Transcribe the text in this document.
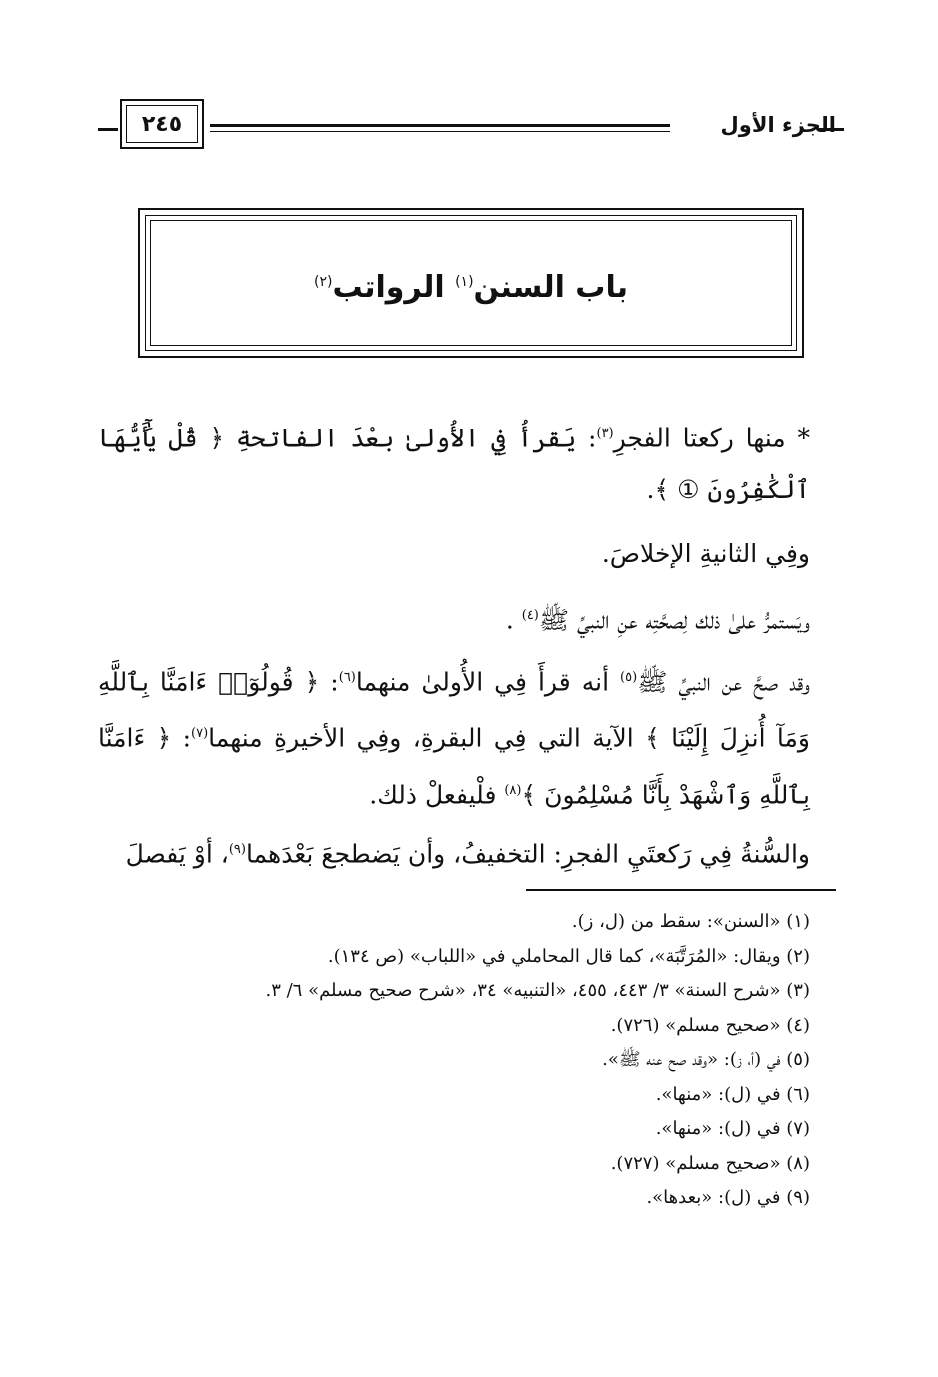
الجزء الأول
٢٤٥
باب السنن$^{(١)}$ الرواتب$^{(٢)}$
* منها ركعتا الفجرِ$^{(٣)}$: يَقرأُ فِي الأُولىٰ بعْدَ الفاتحةِ ﴿ قُلْ يَٰٓأَيُّهَا ٱلْكَٰفِرُونَ ① ﴾.
وفِي الثانيةِ الإخلاصَ.
ويَستمرُّ علىٰ ذلك لِصحَّتِه عنِ النبيِّ ﷺ$^{(٤)}$ .
وقد صحَّ عن النبيِّ ﷺ$^{(٥)}$ أنه قرأَ فِي الأُولىٰ منهما$^{(٦)}$: ﴿ قُولُوٓا۟ ءَامَنَّا بِٱللَّهِ وَمَآ أُنزِلَ إِلَيْنَا ﴾ الآية التي فِي البقرةِ، وفِي الأخيرةِ منهما$^{(٧)}$: ﴿ ءَامَنَّا بِٱللَّهِ وَٱشْهَدْ بِأَنَّا مُسْلِمُونَ ﴾$^{(٨)}$ فلْيفعلْ ذلك.
والسُّنةُ فِي رَكعتَيِ الفجرِ: التخفيفُ، وأن يَضطجعَ بَعْدَهما$^{(٩)}$، أوْ يَفصلَ
(١) «السنن»: سقط من (ل، ز).
(٢) ويقال: «المُرَتَّبَة»، كما قال المحاملي في «اللباب» (ص ١٣٤).
(٣) «شرح السنة» ٣/ ٤٤٣، ٤٥٥، «التنبيه» ٣٤، «شرح صحيح مسلم» ٦/ ٣.
(٤) «صحيح مسلم» (٧٢٦).
(٥) في (أ، ز): «وقد صح عنه ﷺ».
(٦) في (ل): «منها».
(٧) في (ل): «منها».
(٨) «صحيح مسلم» (٧٢٧).
(٩) في (ل): «بعدها».
